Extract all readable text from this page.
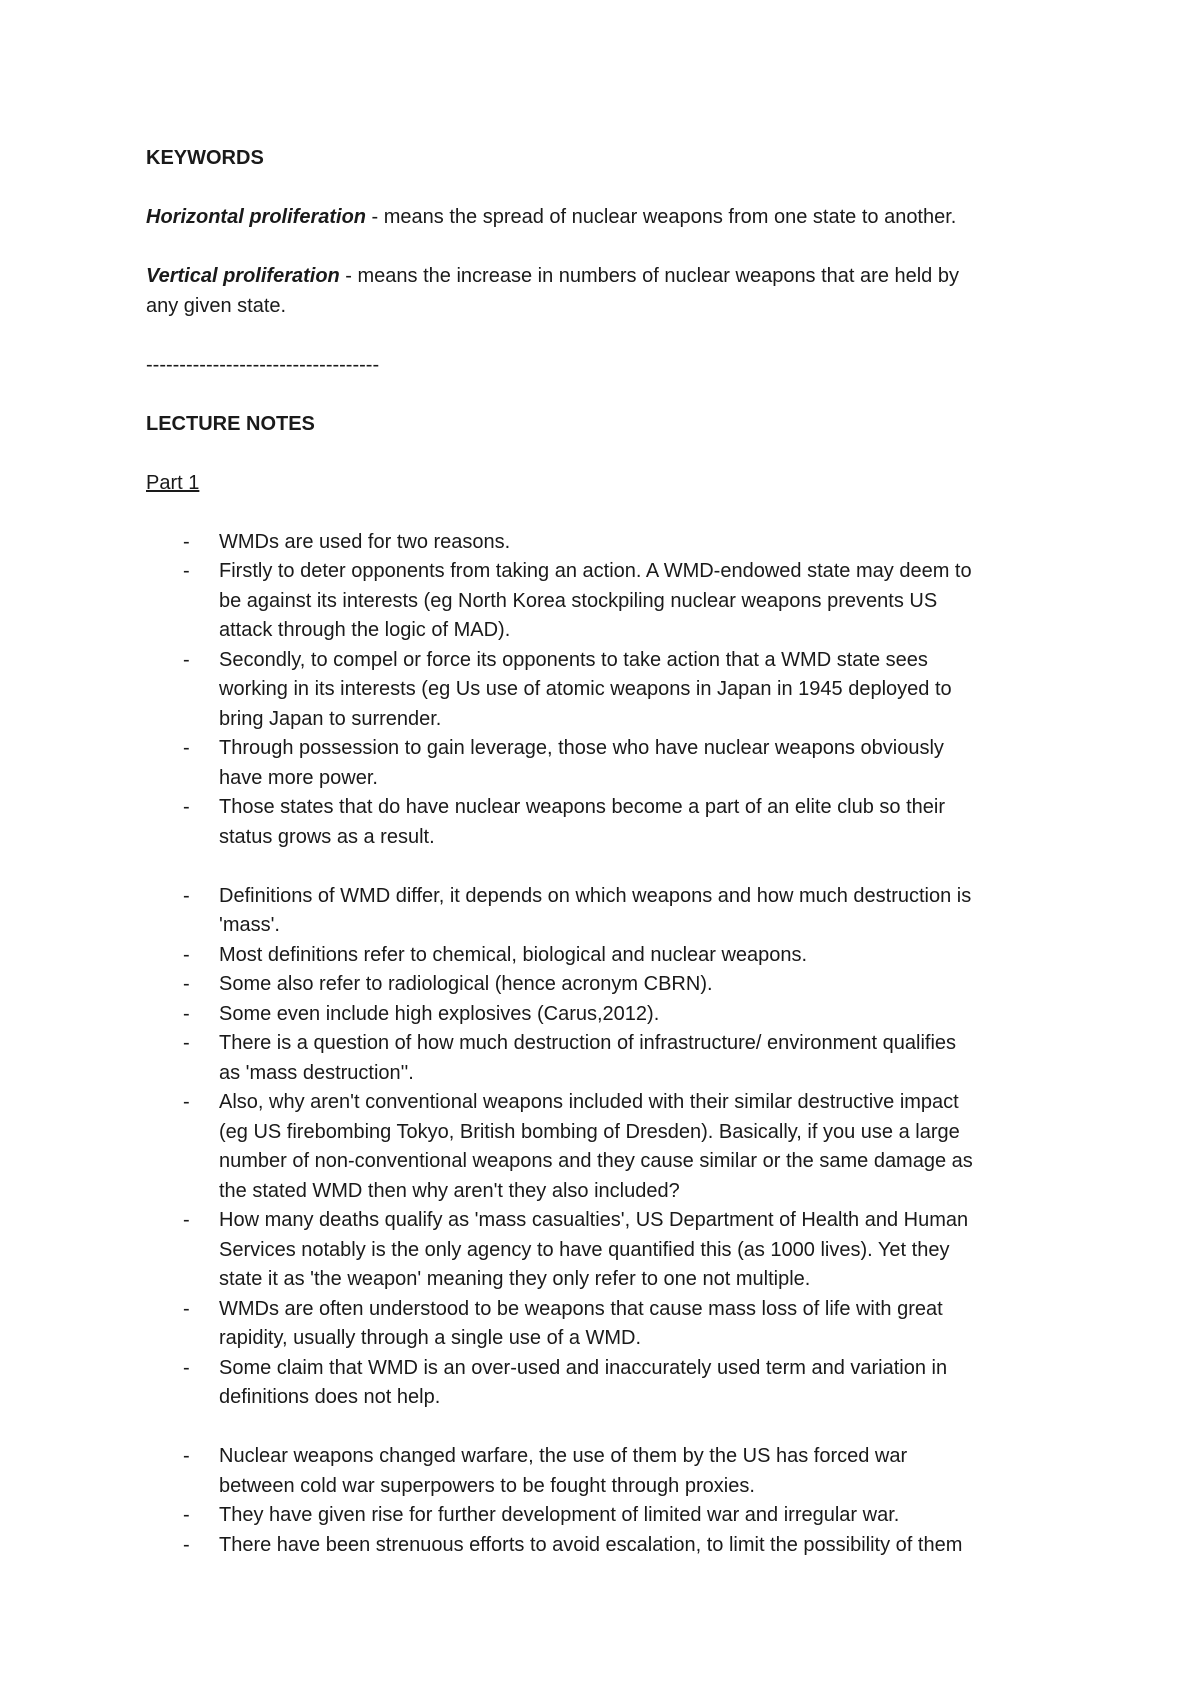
KEYWORDS

Horizontal proliferation - means the spread of nuclear weapons from one state to another.

Vertical proliferation - means the increase in numbers of nuclear weapons that are held by

any given state.

-----------------------------------

LECTURE NOTES

Part 1

- WMDs are used for two reasons.
- Firstly to deter opponents from taking an action. A WMD-endowed state may deem to
be against its interests (eg North Korea stockpiling nuclear weapons prevents US
attack through the logic of MAD).
- Secondly, to compel or force its opponents to take action that a WMD state sees
working in its interests (eg Us use of atomic weapons in Japan in 1945 deployed to
bring Japan to surrender.
- Through possession to gain leverage, those who have nuclear weapons obviously
have more power.
- Those states that do have nuclear weapons become a part of an elite club so their
status grows as a result.
- Definitions of WMD differ, it depends on which weapons and how much destruction is
'mass'.
- Most definitions refer to chemical, biological and nuclear weapons.
- Some also refer to radiological (hence acronym CBRN).
- Some even include high explosives (Carus,2012).
- There is a question of how much destruction of infrastructure/ environment qualifies
as 'mass destruction''.
- Also, why aren't conventional weapons included with their similar destructive impact
(eg US firebombing Tokyo, British bombing of Dresden). Basically, if you use a large
number of non-conventional weapons and they cause similar or the same damage as
the stated WMD then why aren't they also included?
- How many deaths qualify as 'mass casualties', US Department of Health and Human
Services notably is the only agency to have quantified this (as 1000 lives). Yet they
state it as 'the weapon' meaning they only refer to one not multiple.
- WMDs are often understood to be weapons that cause mass loss of life with great
rapidity, usually through a single use of a WMD.
- Some claim that WMD is an over-used and inaccurately used term and variation in
definitions does not help.
- Nuclear weapons changed warfare, the use of them by the US has forced war
between cold war superpowers to be fought through proxies.
- They have given rise for further development of limited war and irregular war.
- There have been strenuous efforts to avoid escalation, to limit the possibility of them
